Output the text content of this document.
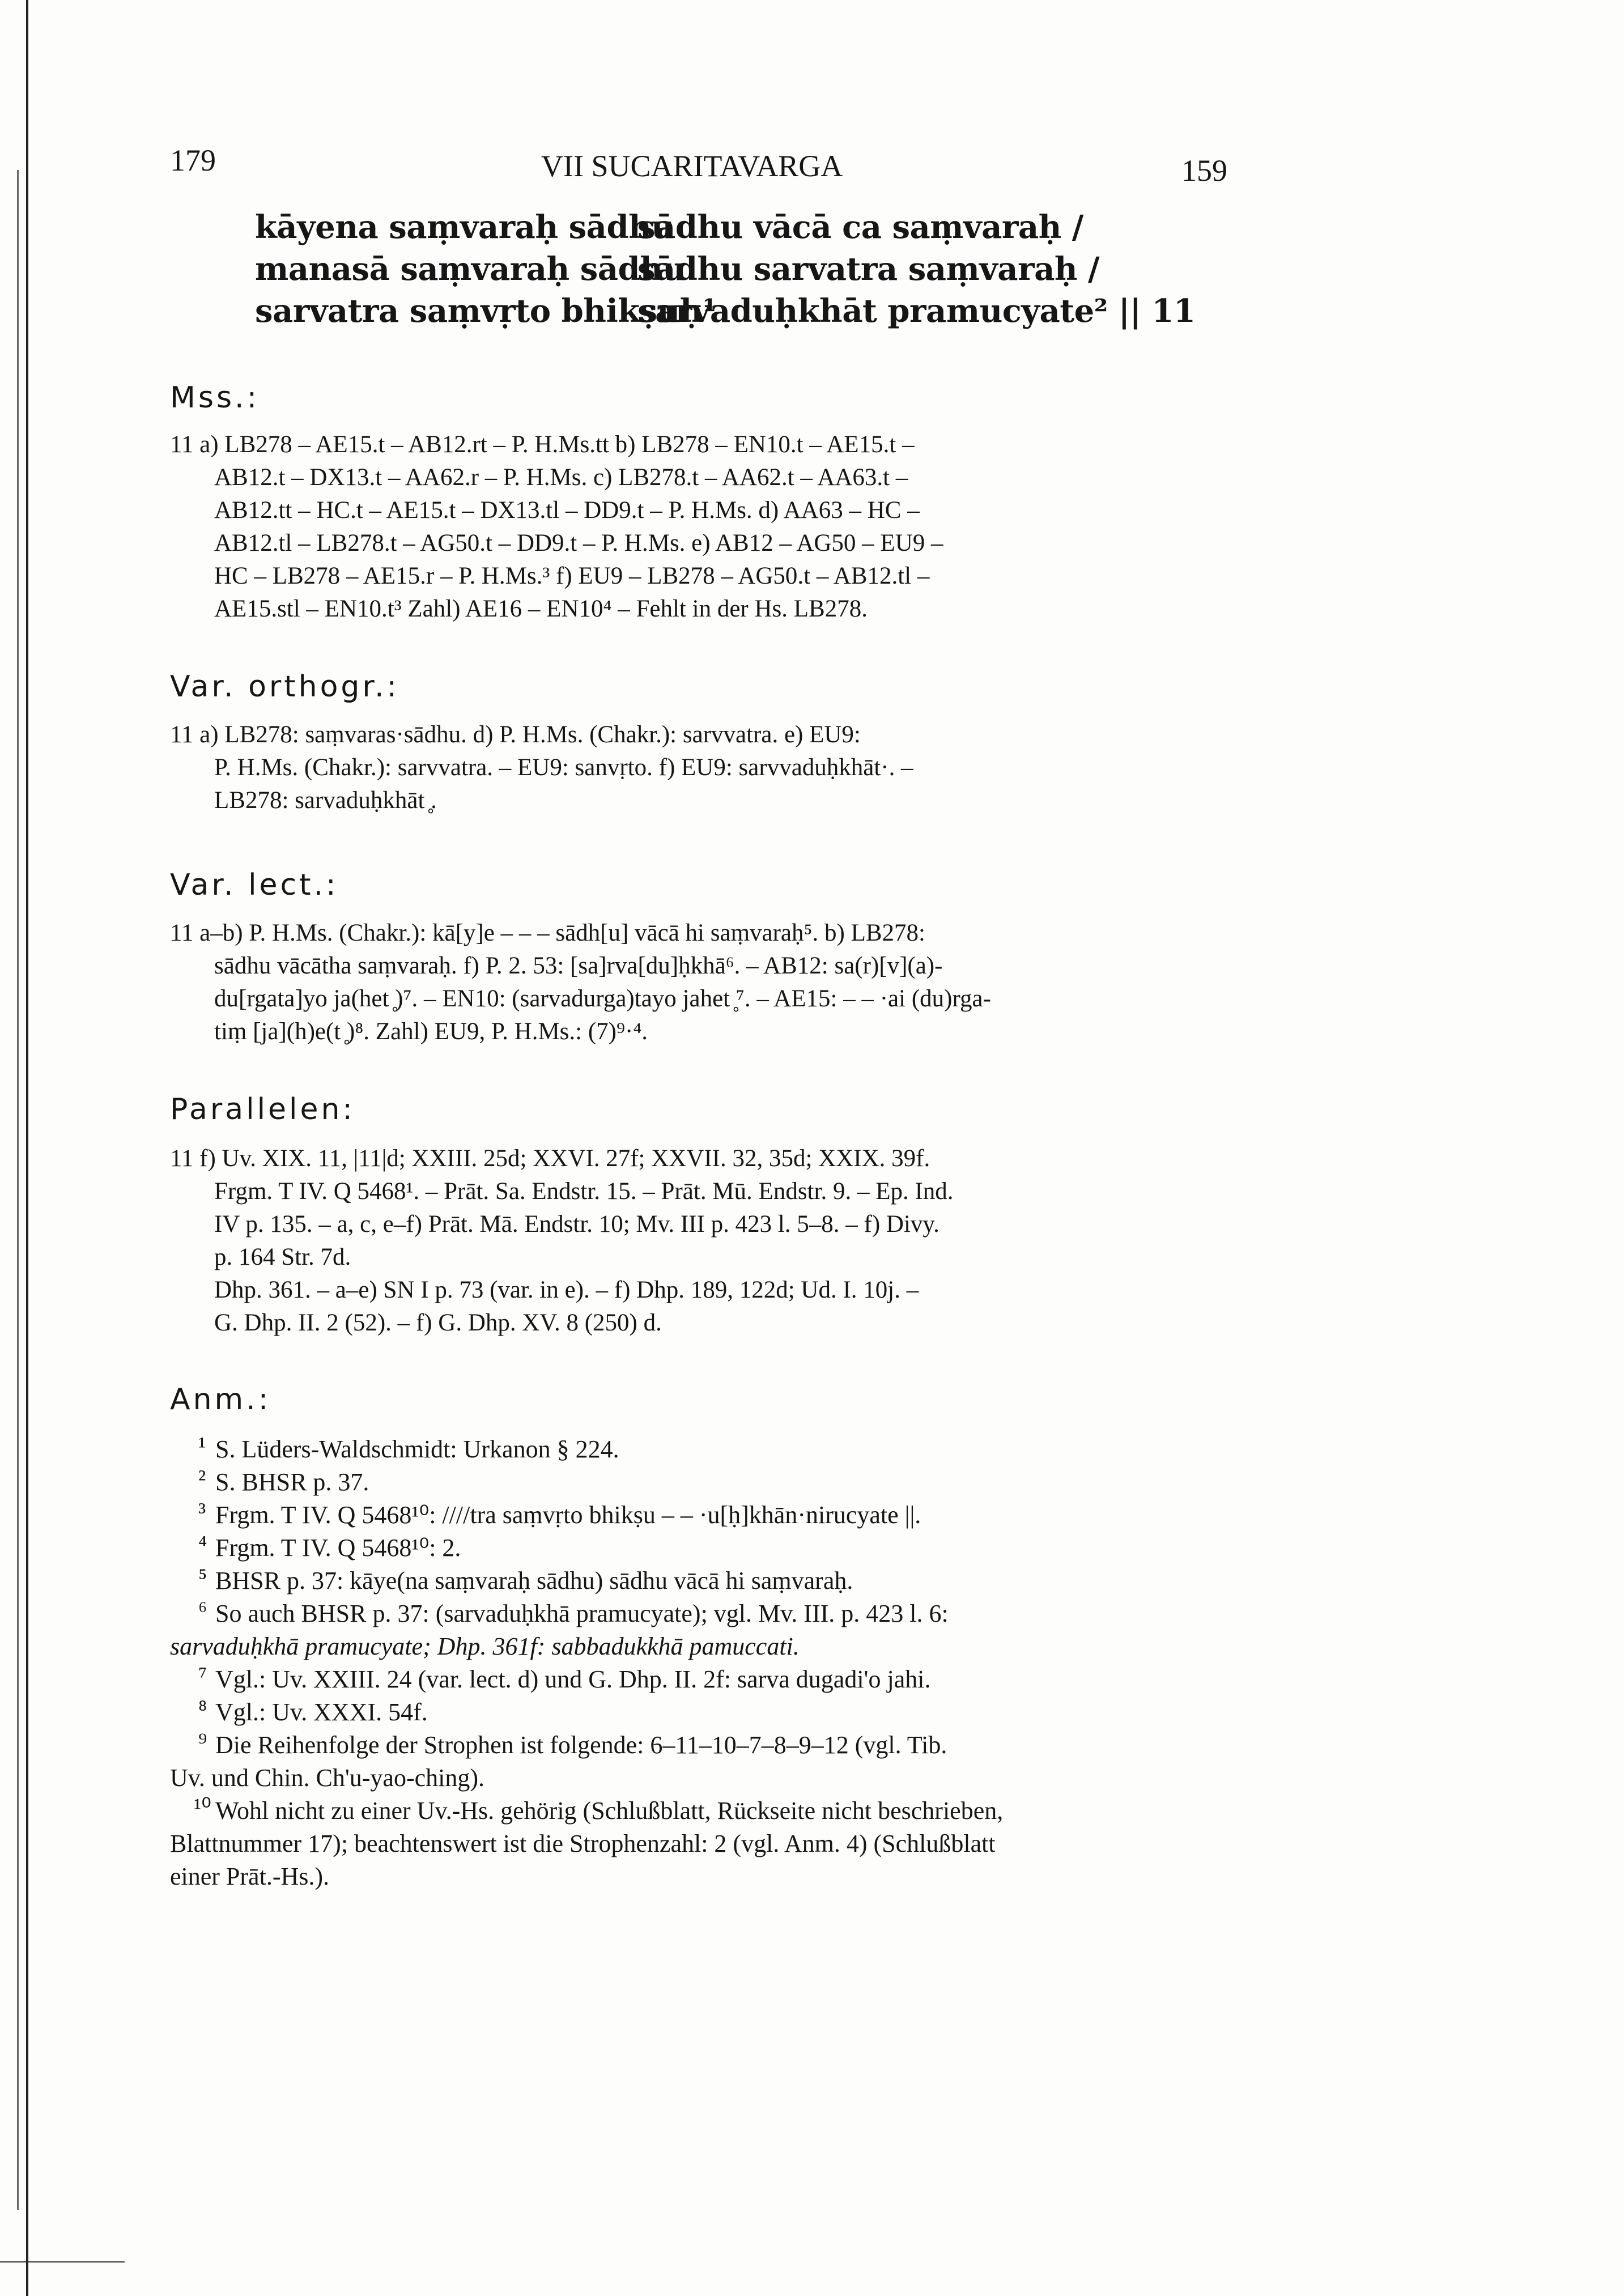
179	VII SUCARITAVARGA	159
kāyena saṃvaraḥ sādhu
sādhu vācā ca saṃvaraḥ /
manasā saṃvaraḥ sādhu
sādhu sarvatra saṃvaraḥ /
sarvatra saṃvṛto bhikṣuḥ¹
sarvaduḥkhāt pramucyate² || 11
Mss.:
11 a) LB278 – AE15.t – AB12.rt – P. H.Ms.tt b) LB278 – EN10.t – AE15.t –
AB12.t – DX13.t – AA62.r – P. H.Ms. c) LB278.t – AA62.t – AA63.t –
AB12.tt – HC.t – AE15.t – DX13.tl – DD9.t – P. H.Ms. d) AA63 – HC –
AB12.tl – LB278.t – AG50.t – DD9.t – P. H.Ms. e) AB12 – AG50 – EU9 –
HC – LB278 – AE15.r – P. H.Ms.³ f) EU9 – LB278 – AG50.t – AB12.tl –
AE15.stl – EN10.t³ Zahl) AE16 – EN10⁴ – Fehlt in der Hs. LB278.
Var. orthogr.:
11 a) LB278: saṃvaras·sādhu. d) P. H.Ms. (Chakr.): sarvvatra. e) EU9:
P. H.Ms. (Chakr.): sarvvatra. – EU9: sanvṛto. f) EU9: sarvvaduḥkhāt·. –
LB278: sarvaduḥkhāt ̥.
Var. lect.:
11 a–b) P. H.Ms. (Chakr.): kā[y]e – – – sādh[u] vācā hi saṃvaraḥ⁵. b) LB278:
sādhu vācātha saṃvaraḥ. f) P. 2. 53: [sa]rva[du]ḥkhā⁶. – AB12: sa(r)[v](a)-
du[rgata]yo ja(het ̥)⁷. – EN10: (sarvadurga)tayo jahet ̥⁷. – AE15: – – ·ai (du)rga-
tiṃ [ja](h)e(t ̥)⁸. Zahl) EU9, P. H.Ms.: (7)⁹·⁴.
Parallelen:
11 f) Uv. XIX. 11, |11|d; XXIII. 25d; XXVI. 27f; XXVII. 32, 35d; XXIX. 39f.
Frgm. T IV. Q 5468¹. – Prāt. Sa. Endstr. 15. – Prāt. Mū. Endstr. 9. – Ep. Ind.
IV p. 135. – a, c, e–f) Prāt. Mā. Endstr. 10; Mv. III p. 423 l. 5–8. – f) Divy.
p. 164 Str. 7d.
Dhp. 361. – a–e) SN I p. 73 (var. in e). – f) Dhp. 189, 122d; Ud. I. 10j. –
G. Dhp. II. 2 (52). – f) G. Dhp. XV. 8 (250) d.
Anm.:
¹ S. Lüders-Waldschmidt: Urkanon § 224.
² S. BHSR p. 37.
³ Frgm. T IV. Q 5468¹⁰: ////tra saṃvṛto bhikṣu – – ·u[ḥ]khān·nirucyate ||.
⁴ Frgm. T IV. Q 5468¹⁰: 2.
⁵ BHSR p. 37: kāye(na saṃvaraḥ sādhu) sādhu vācā hi saṃvaraḥ.
⁶ So auch BHSR p. 37: (sarvaduḥkhā pramucyate); vgl. Mv. III. p. 423 l. 6:
sarvaduḥkhā pramucyate; Dhp. 361f: sabbadukkhā pamuccati.
⁷ Vgl.: Uv. XXIII. 24 (var. lect. d) und G. Dhp. II. 2f: sarva dugadi'o jahi.
⁸ Vgl.: Uv. XXXI. 54f.
⁹ Die Reihenfolge der Strophen ist folgende: 6–11–10–7–8–9–12 (vgl. Tib.
Uv. und Chin. Ch'u-yao-ching).
¹⁰ Wohl nicht zu einer Uv.-Hs. gehörig (Schlußblatt, Rückseite nicht beschrieben,
Blattnummer 17); beachtenswert ist die Strophenzahl: 2 (vgl. Anm. 4) (Schlußblatt
einer Prāt.-Hs.).
